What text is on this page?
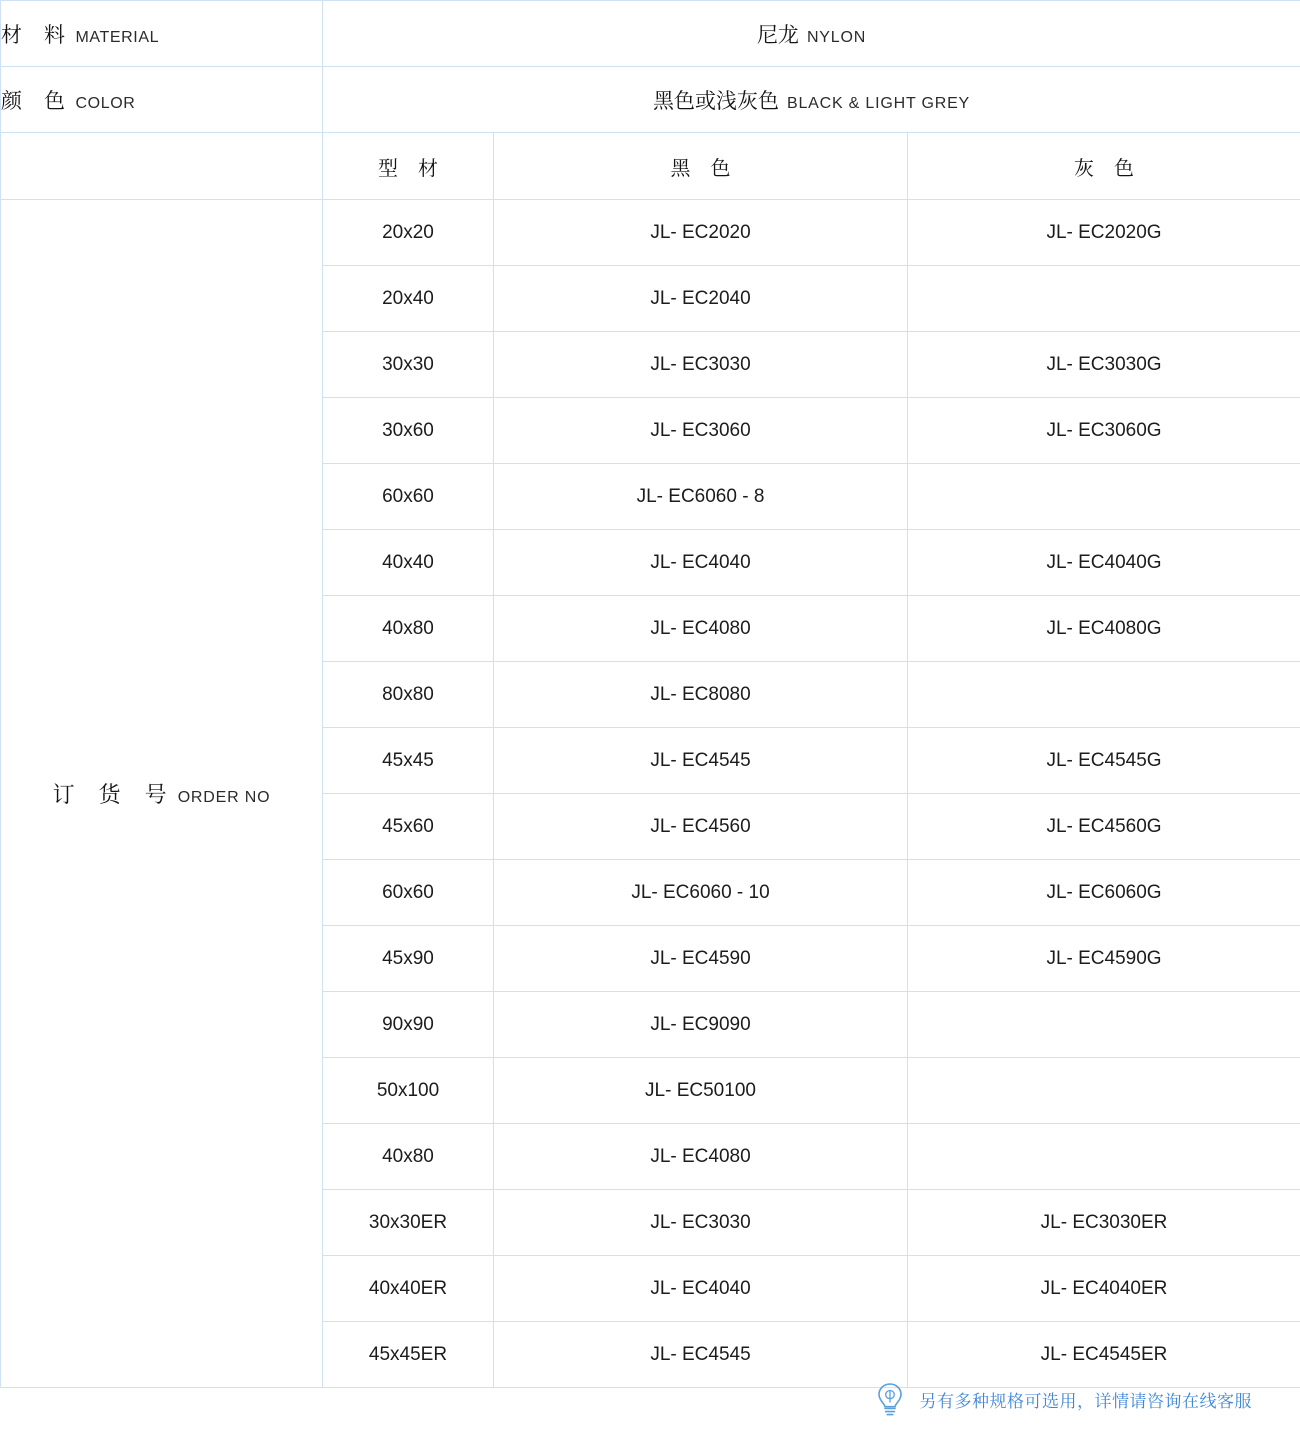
材　料 MATERIAL	尼龙 NYLON		
颜　色 COLOR	黑色或浅灰色 BLACK & LIGHT GREY		
	型　材	黑　色	灰　色
订　货　号 ORDER NO	20x20	JL- EC2020	JL- EC2020G
	20x40	JL- EC2040	
	30x30	JL- EC3030	JL- EC3030G
	30x60	JL- EC3060	JL- EC3060G
	60x60	JL- EC6060 - 8	
	40x40	JL- EC4040	JL- EC4040G
	40x80	JL- EC4080	JL- EC4080G
	80x80	JL- EC8080	
	45x45	JL- EC4545	JL- EC4545G
	45x60	JL- EC4560	JL- EC4560G
	60x60	JL- EC6060 - 10	JL- EC6060G
	45x90	JL- EC4590	JL- EC4590G
	90x90	JL- EC9090	
	50x100	JL- EC50100	
	40x80	JL- EC4080	
	30x30ER	JL- EC3030	JL- EC3030ER
	40x40ER	JL- EC4040	JL- EC4040ER
	45x45ER	JL- EC4545	JL- EC4545ER
另有多种规格可选用，详情请咨询在线客服
